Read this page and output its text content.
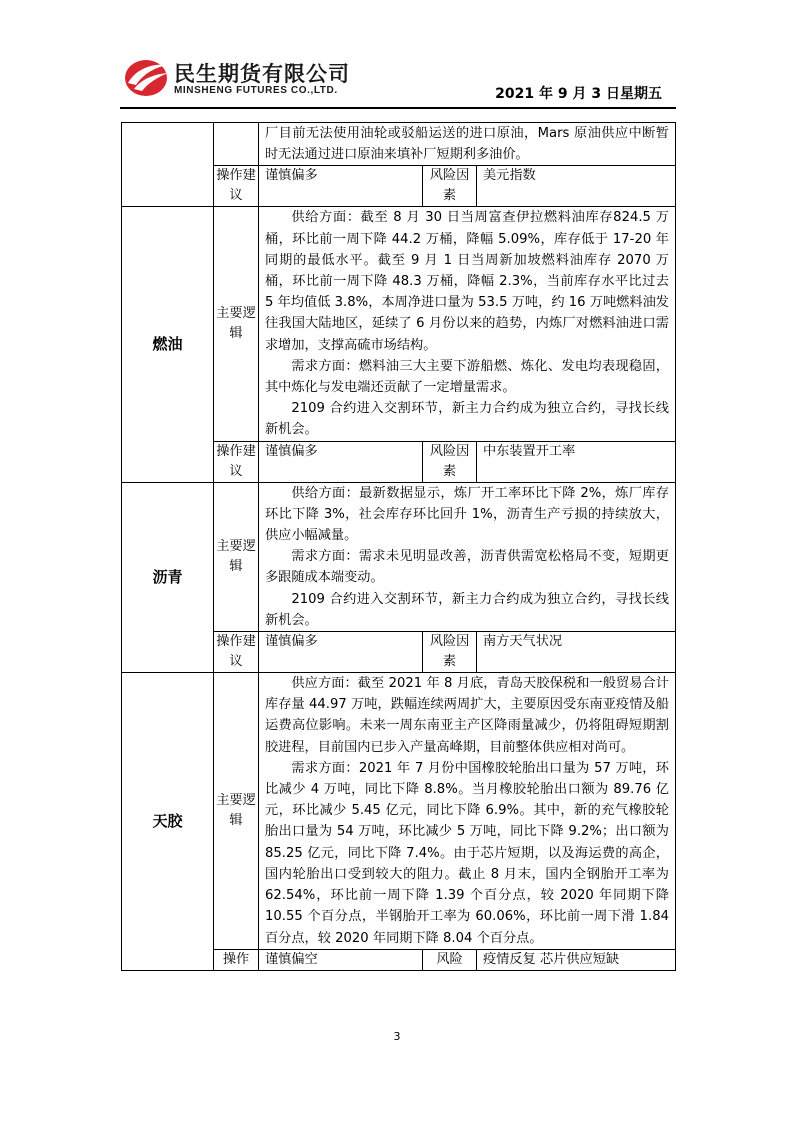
民生期货有限公司
MINSHENG FUTURES CO.,LTD.	2021 年 9 月 3 日星期五

		厂目前无法使用油轮或驳船运送的进口原油，Mars 原油供应中断暂时无法通过进口原油来填补厂短期利多油价。		

	操作建议	谨慎偏多	风险因素	美元指数
燃油	主要逻辑	供给方面：截至 8 月 30 日当周富查伊拉燃料油库存824.5 万桶，环比前一周下降 44.2 万桶，降幅 5.09%，库存低于 17-20 年同期的最低水平。截至 9 月 1 日当周新加坡燃料油库存 2070 万桶，环比前一周下降 48.3 万桶，降幅 2.3%，当前库存水平比过去 5 年均值低 3.8%，本周净进口量为 53.5 万吨，约 16 万吨燃料油发往我国大陆地区，延续了 6 月份以来的趋势，内炼厂对燃料油进口需求增加，支撑高硫市场结构。

需求方面：燃料油三大主要下游船燃、炼化、发电均表现稳固，其中炼化与发电端还贡献了一定增量需求。

2109 合约进入交割环节，新主力合约成为独立合约，寻找长线新机会。		

	操作建议	谨慎偏多	风险因素	中东装置开工率
沥青	主要逻辑	供给方面：最新数据显示，炼厂开工率环比下降 2%，炼厂库存环比下降 3%，社会库存环比回升 1%，沥青生产亏损的持续放大，供应小幅减量。

需求方面：需求未见明显改善，沥青供需宽松格局不变，短期更多跟随成本端变动。

2109 合约进入交割环节，新主力合约成为独立合约，寻找长线新机会。		

	操作建议	谨慎偏多	风险因素	南方天气状况
天胶	主要逻辑	供应方面：截至 2021 年 8 月底，青岛天胶保税和一般贸易合计库存量 44.97 万吨，跌幅连续两周扩大，主要原因受东南亚疫情及船运费高位影响。未来一周东南亚主产区降雨量减少，仍将阻碍短期割胶进程，目前国内已步入产量高峰期，目前整体供应相对尚可。

需求方面：2021 年 7 月份中国橡胶轮胎出口量为 57 万吨，环比减少 4 万吨，同比下降 8.8%。当月橡胶轮胎出口额为 89.76 亿元，环比减少 5.45 亿元，同比下降 6.9%。其中，新的充气橡胶轮胎出口量为 54 万吨，环比减少 5 万吨，同比下降 9.2%；出口额为 85.25 亿元，同比下降 7.4%。由于芯片短期，以及海运费的高企，国内轮胎出口受到较大的阻力。截止 8 月末，国内全钢胎开工率为 62.54%，环比前一周下降 1.39 个百分点，较 2020 年同期下降 10.55 个百分点，半钢胎开工率为 60.06%，环比前一周下滑 1.84 百分点，较 2020 年同期下降 8.04 个百分点。		

	操作	谨慎偏空	风险	疫情反复 芯片供应短缺
3
